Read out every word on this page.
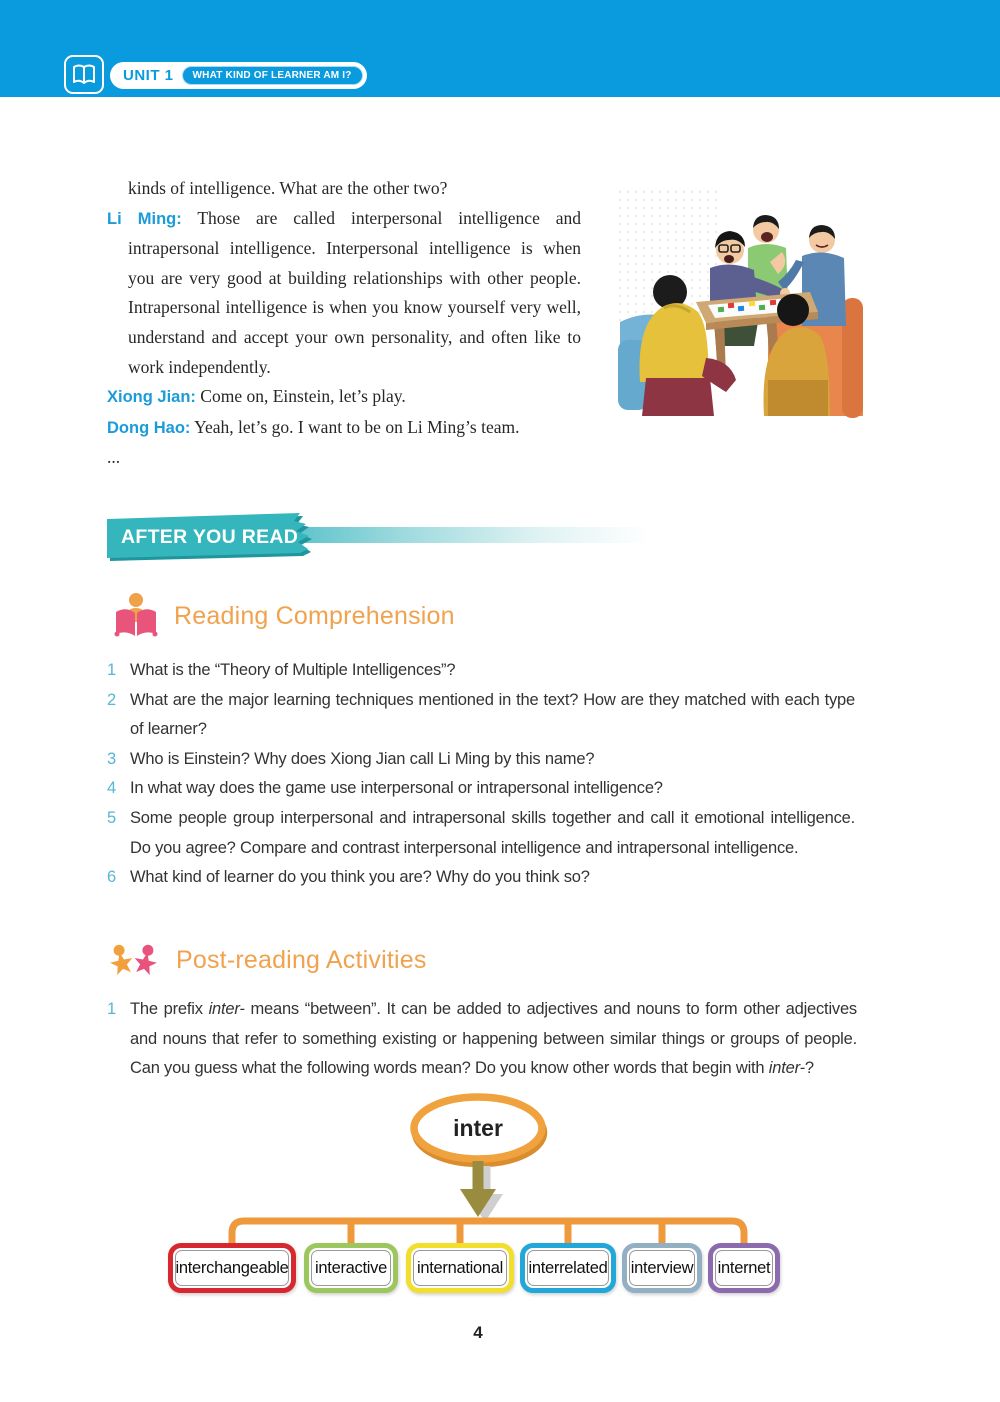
UNIT 1	WHAT KIND OF LEARNER AM I?

kinds of intelligence. What are the other two?

Li Ming: Those are called interpersonal intelligence and intrapersonal intelligence. Interpersonal intelligence is when you are very good at building relationships with other people. Intrapersonal intelligence is when you know yourself very well, understand and accept your own personality, and often like to work independently.

Xiong Jian: Come on, Einstein, let’s play.

Dong Hao: Yeah, let’s go. I want to be on Li Ming’s team.

...

AFTER YOU READ
Reading Comprehension
1 What is the “Theory of Multiple Intelligences”?
2 What are the major learning techniques mentioned in the text? How are they matched with each type of learner?
3 Who is Einstein? Why does Xiong Jian call Li Ming by this name?
4 In what way does the game use interpersonal or intrapersonal intelligence?
5 Some people group interpersonal and intrapersonal skills together and call it emotional intelligence. Do you agree? Compare and contrast interpersonal intelligence and intrapersonal intelligence.
6 What kind of learner do you think you are? Why do you think so?
Post-reading Activities
1 The prefix inter- means “between”. It can be added to adjectives and nouns to form other adjectives and nouns that refer to something existing or happening between similar things or groups of people. Can you guess what the following words mean? Do you know other words that begin with inter-?
inter
interchangeable interactive international interrelated interview internet
4
